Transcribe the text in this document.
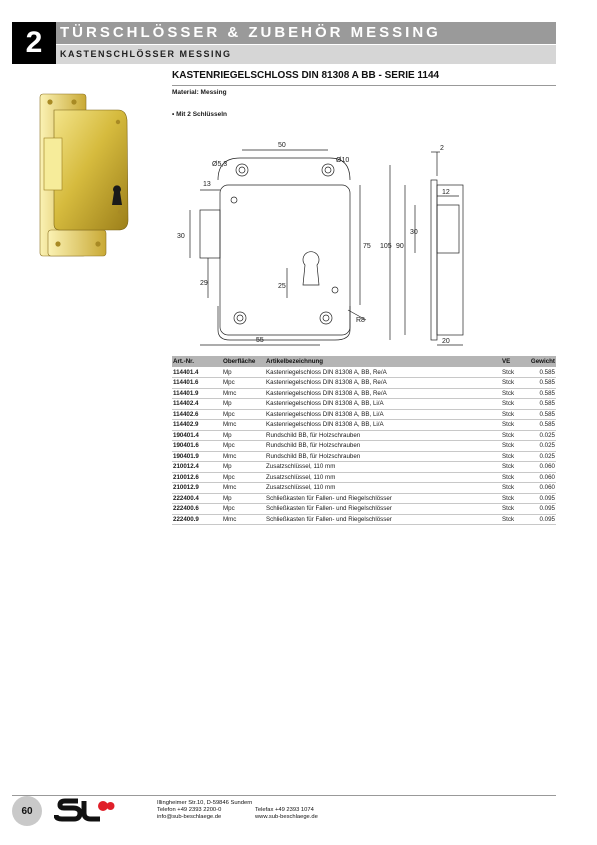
2	TÜRSCHLÖSSER & ZUBEHÖR MESSING
KASTENSCHLÖSSER MESSING
KASTENRIEGELSCHLOSS DIN 81308 A BB - SERIE 1144
Material: Messing
• Mit 2 Schlüsseln
Ø5,3
50
Ø10
13
30
29	25
75
R8
55
2
12
30
90
105
20
Art.-Nr.	Oberfläche	Artikelbezeichnung	VE	Gewicht
114401.4	Mp	Kastenriegelschloss DIN 81308 A, BB, Re/A	Stck	0.585
114401.6	Mpc	Kastenriegelschloss DIN 81308 A, BB, Re/A	Stck	0.585
114401.9	Mmc	Kastenriegelschloss DIN 81308 A, BB, Re/A	Stck	0.585
114402.4	Mp	Kastenriegelschloss DIN 81308 A, BB, Li/A	Stck	0.585
114402.6	Mpc	Kastenriegelschloss DIN 81308 A, BB, Li/A	Stck	0.585
114402.9	Mmc	Kastenriegelschloss DIN 81308 A, BB, Li/A	Stck	0.585
190401.4	Mp	Rundschild BB, für Holzschrauben	Stck	0.025
190401.6	Mpc	Rundschild BB, für Holzschrauben	Stck	0.025
190401.9	Mmc	Rundschild BB, für Holzschrauben	Stck	0.025
210012.4	Mp	Zusatzschlüssel, 110 mm	Stck	0.060
210012.6	Mpc	Zusatzschlüssel, 110 mm	Stck	0.060
210012.9	Mmc	Zusatzschlüssel, 110 mm	Stck	0.060
222400.4	Mp	Schließkasten für Fallen- und Riegelschlösser	Stck	0.095
222400.6	Mpc	Schließkasten für Fallen- und Riegelschlösser	Stck	0.095
222400.9	Mmc	Schließkasten für Fallen- und Riegelschlösser	Stck	0.095
60
Illingheimer Str.10, D-59846 Sundern
Telefon +49 2393 2200-0
info@sub-beschlaege.de
Telefax +49 2393 1074
www.sub-beschlaege.de
